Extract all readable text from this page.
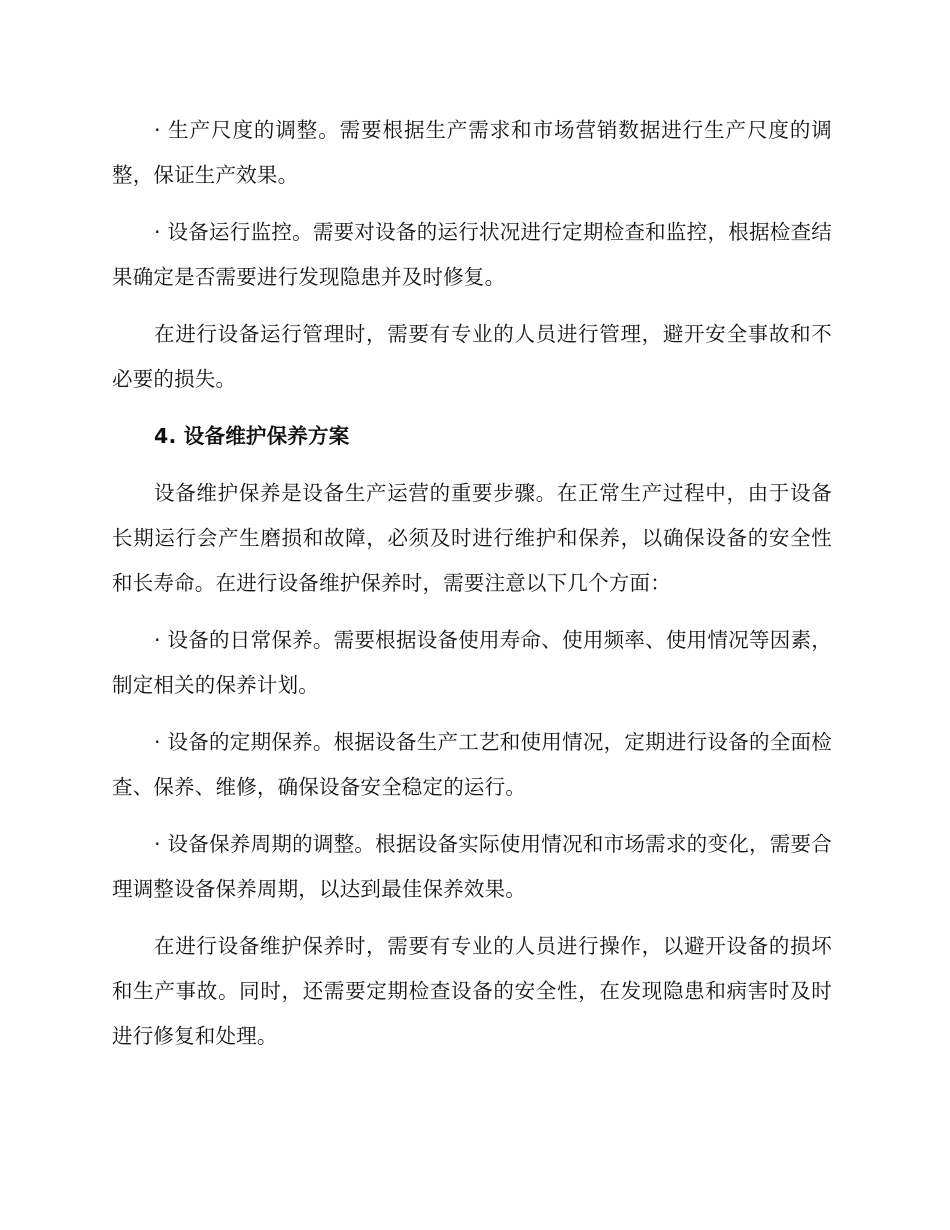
· 生产尺度的调整。需要根据生产需求和市场营销数据进行生产尺度的调整，保证生产效果。

· 设备运行监控。需要对设备的运行状况进行定期检查和监控，根据检查结果确定是否需要进行发现隐患并及时修复。

在进行设备运行管理时，需要有专业的人员进行管理，避开安全事故和不必要的损失。

4. 设备维护保养方案

设备维护保养是设备生产运营的重要步骤。在正常生产过程中，由于设备长期运行会产生磨损和故障，必须及时进行维护和保养，以确保设备的安全性和长寿命。在进行设备维护保养时，需要注意以下几个方面：

· 设备的日常保养。需要根据设备使用寿命、使用频率、使用情况等因素，制定相关的保养计划。

· 设备的定期保养。根据设备生产工艺和使用情况，定期进行设备的全面检查、保养、维修，确保设备安全稳定的运行。

· 设备保养周期的调整。根据设备实际使用情况和市场需求的变化，需要合理调整设备保养周期，以达到最佳保养效果。

在进行设备维护保养时，需要有专业的人员进行操作，以避开设备的损坏和生产事故。同时，还需要定期检查设备的安全性，在发现隐患和病害时及时进行修复和处理。
